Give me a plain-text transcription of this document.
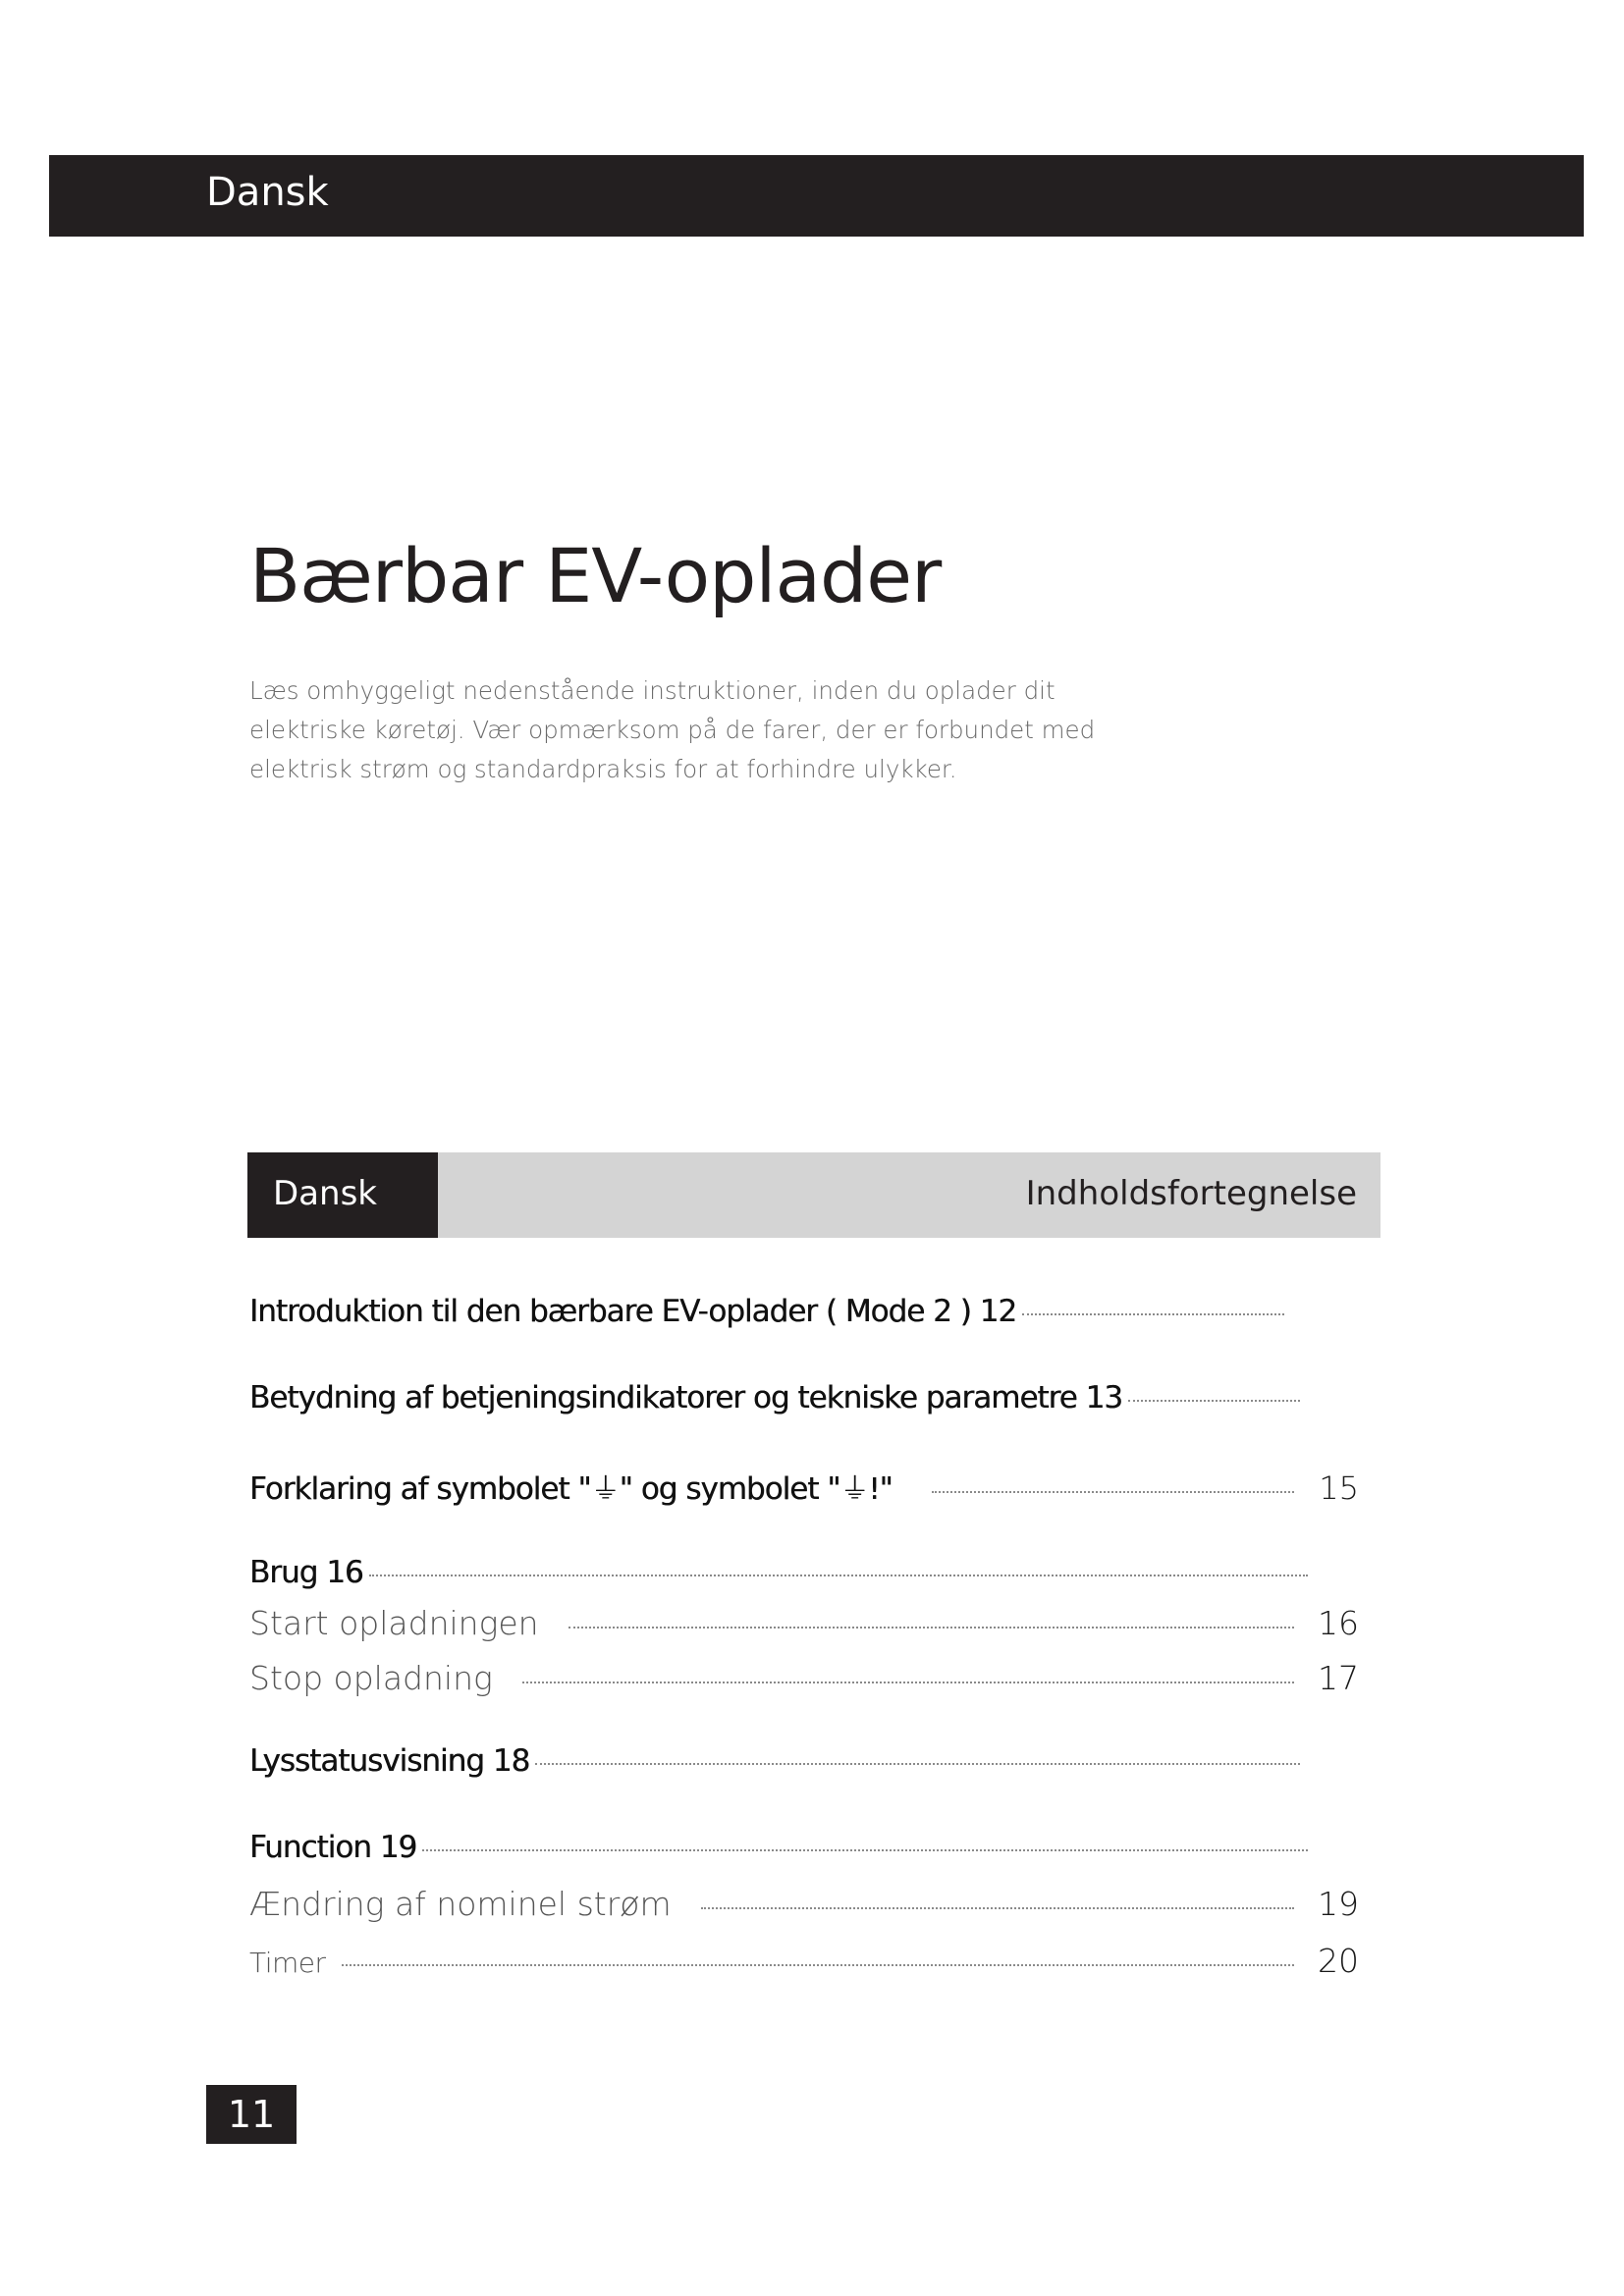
Dansk
Bærbar EV-oplader

Læs omhyggeligt nedenstående instruktioner, inden du oplader dit
elektriske køretøj. Vær opmærksom på de farer, der er forbundet med
elektrisk strøm og standardpraksis for at forhindre ulykker.

Dansk	Indholdsfortegnelse
Introduktion til den bærbare EV-oplader ( Mode 2 ) 12
Betydning af betjeningsindikatorer og tekniske parametre 13
Forklaring af symbolet "⏚" og symbolet "⏚!"	15
Brug 16
Start opladningen	16
Stop opladning	17
Lysstatusvisning 18
Function 19
Ændring af nominel strøm	19
Timer	20
11
